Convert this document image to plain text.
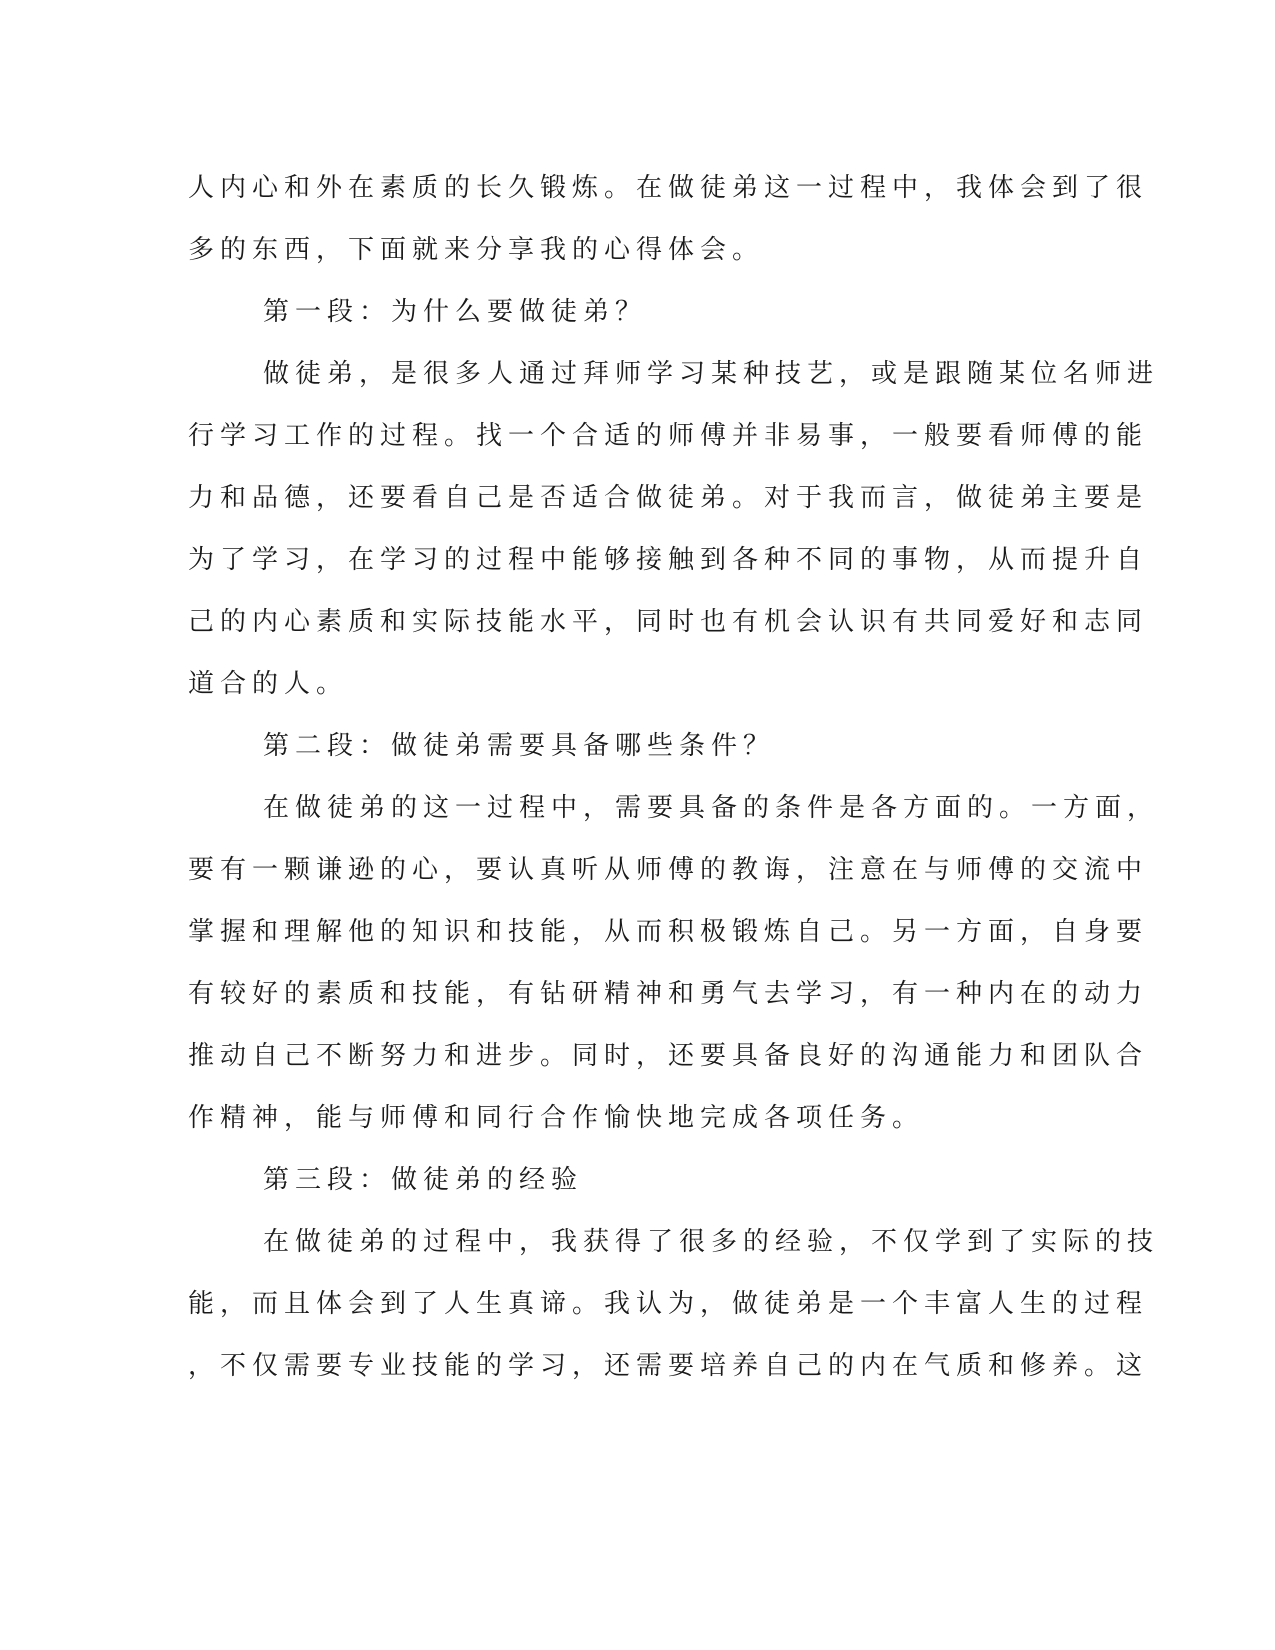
人内心和外在素质的长久锻炼。在做徒弟这一过程中，我体会到了很
多的东西，下面就来分享我的心得体会。
第一段：为什么要做徒弟？
做徒弟，是很多人通过拜师学习某种技艺，或是跟随某位名师进
行学习工作的过程。找一个合适的师傅并非易事，一般要看师傅的能
力和品德，还要看自己是否适合做徒弟。对于我而言，做徒弟主要是
为了学习，在学习的过程中能够接触到各种不同的事物，从而提升自
己的内心素质和实际技能水平，同时也有机会认识有共同爱好和志同
道合的人。
第二段：做徒弟需要具备哪些条件？
在做徒弟的这一过程中，需要具备的条件是各方面的。一方面，
要有一颗谦逊的心，要认真听从师傅的教诲，注意在与师傅的交流中
掌握和理解他的知识和技能，从而积极锻炼自己。另一方面，自身要
有较好的素质和技能，有钻研精神和勇气去学习，有一种内在的动力
推动自己不断努力和进步。同时，还要具备良好的沟通能力和团队合
作精神，能与师傅和同行合作愉快地完成各项任务。
第三段：做徒弟的经验
在做徒弟的过程中，我获得了很多的经验，不仅学到了实际的技
能，而且体会到了人生真谛。我认为，做徒弟是一个丰富人生的过程
，不仅需要专业技能的学习，还需要培养自己的内在气质和修养。这
